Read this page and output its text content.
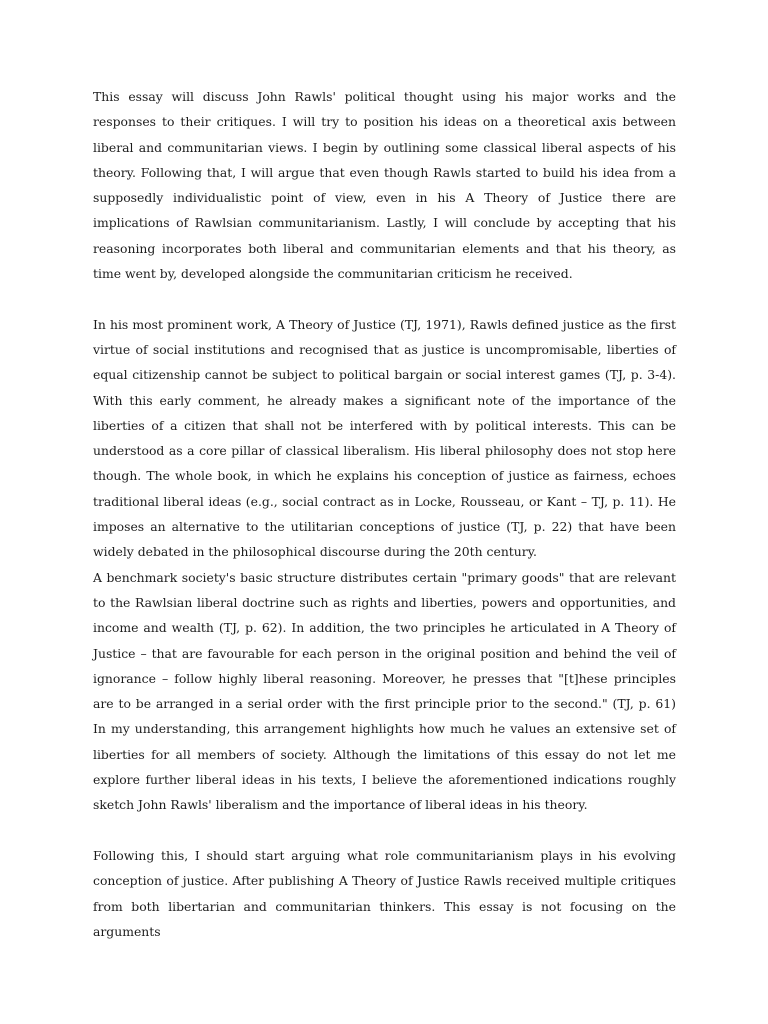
This essay will discuss John Rawls' political thought using his major works and the responses to their critiques. I will try to position his ideas on a theoretical axis between liberal and communitarian views. I begin by outlining some classical liberal aspects of his theory. Following that, I will argue that even though Rawls started to build his idea from a supposedly individualistic point of view, even in his A Theory of Justice there are implications of Rawlsian communitarianism. Lastly, I will conclude by accepting that his reasoning incorporates both liberal and communitarian elements and that his theory, as time went by, developed alongside the communitarian criticism he received.

In his most prominent work, A Theory of Justice (TJ, 1971), Rawls defined justice as the first virtue of social institutions and recognised that as justice is uncompromisable, liberties of equal citizenship cannot be subject to political bargain or social interest games (TJ, p. 3-4). With this early comment, he already makes a significant note of the importance of the liberties of a citizen that shall not be interfered with by political interests. This can be understood as a core pillar of classical liberalism. His liberal philosophy does not stop here though. The whole book, in which he explains his conception of justice as fairness, echoes traditional liberal ideas (e.g., social contract as in Locke, Rousseau, or Kant – TJ, p. 11). He imposes an alternative to the utilitarian conceptions of justice (TJ, p. 22) that have been widely debated in the philosophical discourse during the 20th century.

A benchmark society's basic structure distributes certain "primary goods" that are relevant to the Rawlsian liberal doctrine such as rights and liberties, powers and opportunities, and income and wealth (TJ, p. 62). In addition, the two principles he articulated in A Theory of Justice – that are favourable for each person in the original position and behind the veil of ignorance – follow highly liberal reasoning. Moreover, he presses that "[t]hese principles are to be arranged in a serial order with the first principle prior to the second." (TJ, p. 61) In my understanding, this arrangement highlights how much he values an extensive set of liberties for all members of society. Although the limitations of this essay do not let me explore further liberal ideas in his texts, I believe the aforementioned indications roughly sketch John Rawls' liberalism and the importance of liberal ideas in his theory.

Following this, I should start arguing what role communitarianism plays in his evolving conception of justice. After publishing A Theory of Justice Rawls received multiple critiques from both libertarian and communitarian thinkers. This essay is not focusing on the arguments
